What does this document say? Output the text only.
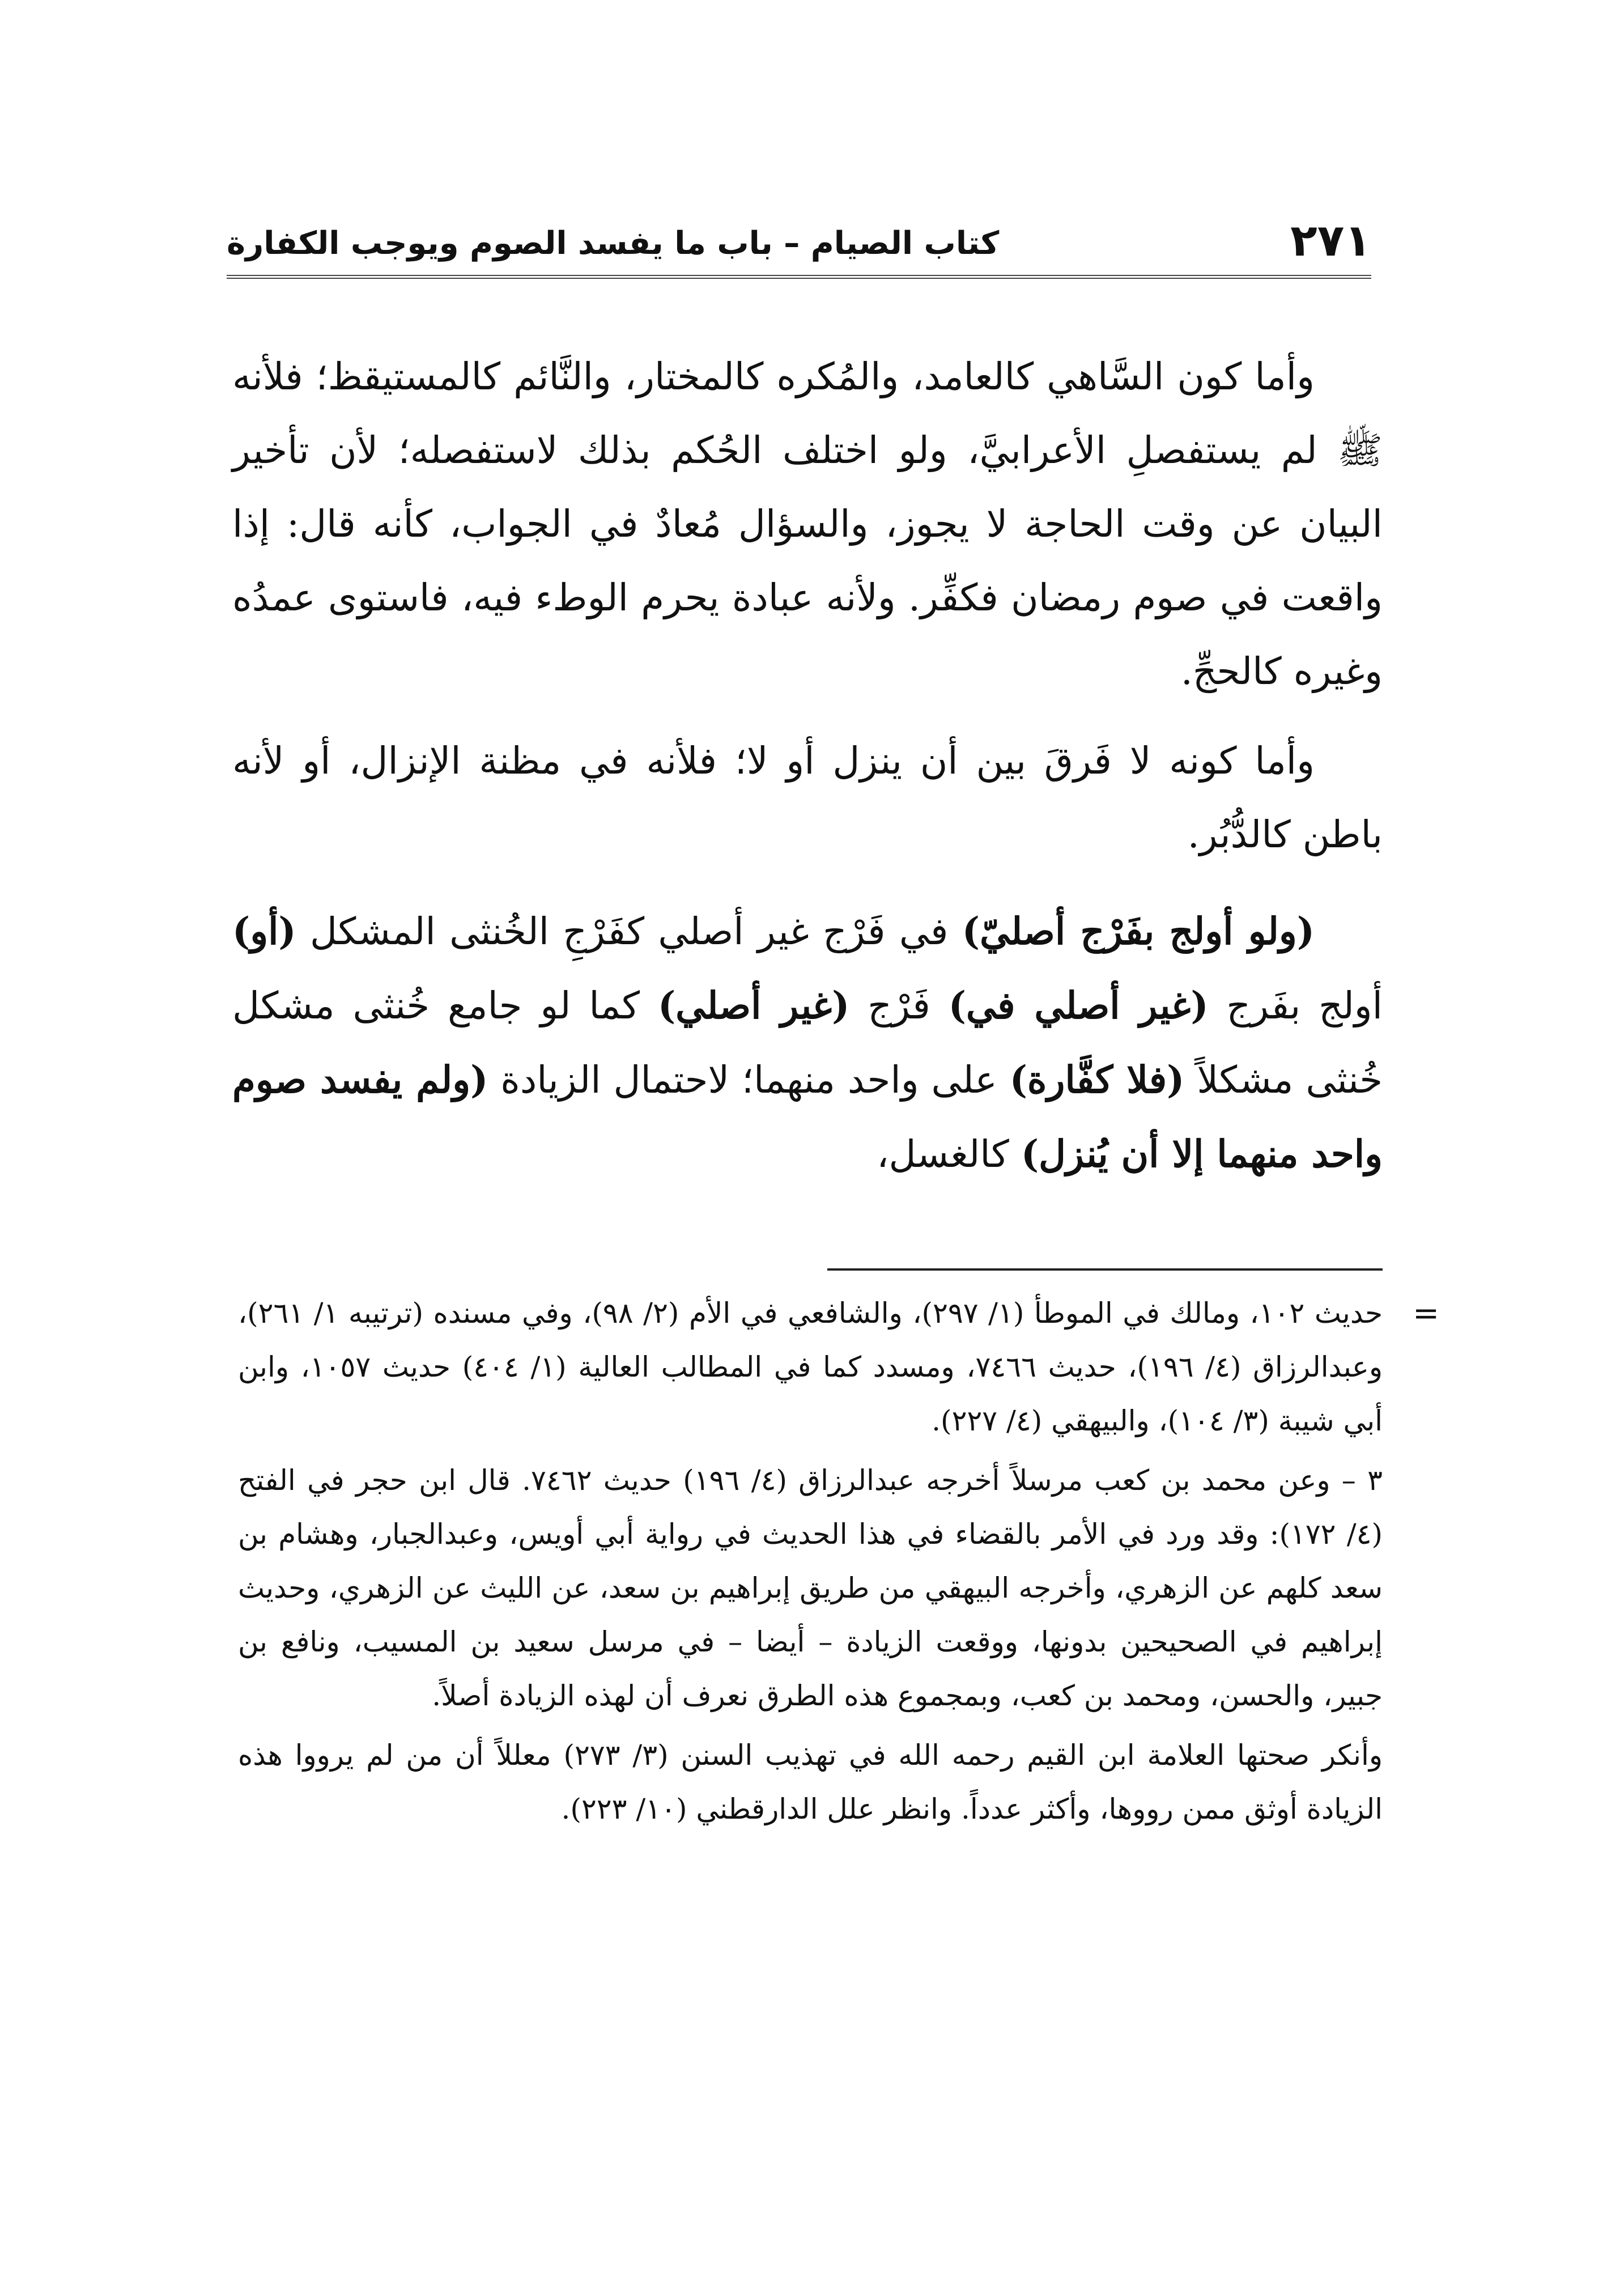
٢٧١
كتاب الصيام – باب ما يفسد الصوم ويوجب الكفارة

وأما كون السَّاهي كالعامد، والمُكره كالمختار، والنَّائم كالمستيقظ؛ فلأنه ﷺ لم يستفصلِ الأعرابيَّ، ولو اختلف الحُكم بذلك لاستفصله؛ لأن تأخير البيان عن وقت الحاجة لا يجوز، والسؤال مُعادٌ في الجواب، كأنه قال: إذا واقعت في صوم رمضان فكفِّر. ولأنه عبادة يحرم الوطء فيه، فاستوى عمدُه وغيره كالحجِّ.

وأما كونه لا فَرقَ بين أن ينزل أو لا؛ فلأنه في مظنة الإنزال، أو لأنه باطن كالدُّبُر.

(ولو أولج بفَرْج أصليّ) في فَرْج غير أصلي كفَرْجِ الخُنثى المشكل (أو) أولج بفَرج (غير أصلي في) فَرْج (غير أصلي) كما لو جامع خُنثى مشكل خُنثى مشكلاً (فلا كفَّارة) على واحد منهما؛ لاحتمال الزيادة (ولم يفسد صوم واحد منهما إلا أن يُنزل) كالغسل،

=

حديث ١٠٢، ومالك في الموطأ (١/ ٢٩٧)، والشافعي في الأم (٢/ ٩٨)، وفي مسنده (ترتيبه ١/ ٢٦١)، وعبدالرزاق (٤/ ١٩٦)، حديث ٧٤٦٦، ومسدد كما في المطالب العالية (١/ ٤٠٤) حديث ١٠٥٧، وابن أبي شيبة (٣/ ١٠٤)، والبيهقي (٤/ ٢٢٧).

٣ – وعن محمد بن كعب مرسلاً أخرجه عبدالرزاق (٤/ ١٩٦) حديث ٧٤٦٢. قال ابن حجر في الفتح (٤/ ١٧٢): وقد ورد في الأمر بالقضاء في هذا الحديث في رواية أبي أويس، وعبدالجبار، وهشام بن سعد كلهم عن الزهري، وأخرجه البيهقي من طريق إبراهيم بن سعد، عن الليث عن الزهري، وحديث إبراهيم في الصحيحين بدونها، ووقعت الزيادة – أيضا – في مرسل سعيد بن المسيب، ونافع بن جبير، والحسن، ومحمد بن كعب، وبمجموع هذه الطرق نعرف أن لهذه الزيادة أصلاً.

وأنكر صحتها العلامة ابن القيم رحمه الله في تهذيب السنن (٣/ ٢٧٣) معللاً أن من لم يرووا هذه الزيادة أوثق ممن رووها، وأكثر عدداً. وانظر علل الدارقطني (١٠/ ٢٢٣).
